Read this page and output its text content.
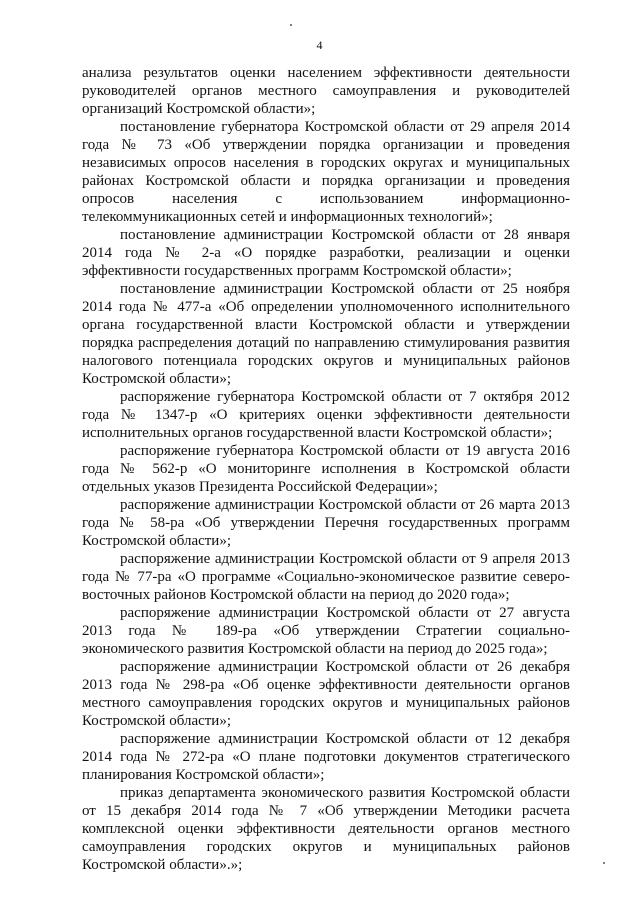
4

анализа результатов оценки населением эффективности деятельности руководителей органов местного самоуправления и руководителей организаций Костромской области»;

постановление губернатора Костромской области от 29 апреля 2014 года № 73 «Об утверждении порядка организации и проведения независимых опросов населения в городских округах и муниципальных районах Костромской области и порядка организации и проведения опросов населения с использованием информационно-телекоммуникационных сетей и информационных технологий»;

постановление администрации Костромской области от 28 января 2014 года № 2-а «О порядке разработки, реализации и оценки эффективности государственных программ Костромской области»;

постановление администрации Костромской области от 25 ноября 2014 года № 477-а «Об определении уполномоченного исполнительного органа государственной власти Костромской области и утверждении порядка распределения дотаций по направлению стимулирования развития налогового потенциала городских округов и муниципальных районов Костромской области»;

распоряжение губернатора Костромской области от 7 октября 2012 года № 1347-р «О критериях оценки эффективности деятельности исполнительных органов государственной власти Костромской области»;

распоряжение губернатора Костромской области от 19 августа 2016 года № 562-р «О мониторинге исполнения в Костромской области отдельных указов Президента Российской Федерации»;

распоряжение администрации Костромской области от 26 марта 2013 года № 58-ра «Об утверждении Перечня государственных программ Костромской области»;

распоряжение администрации Костромской области от 9 апреля 2013 года № 77-ра «О программе «Социально-экономическое развитие северо-восточных районов Костромской области на период до 2020 года»;

распоряжение администрации Костромской области от 27 августа 2013 года № 189-ра «Об утверждении Стратегии социально-экономического развития Костромской области на период до 2025 года»;

распоряжение администрации Костромской области от 26 декабря 2013 года № 298-ра «Об оценке эффективности деятельности органов местного самоуправления городских округов и муниципальных районов Костромской области»;

распоряжение администрации Костромской области от 12 декабря 2014 года № 272-ра «О плане подготовки документов стратегического планирования Костромской области»;

приказ департамента экономического развития Костромской области от 15 декабря 2014 года № 7 «Об утверждении Методики расчета комплексной оценки эффективности деятельности органов местного самоуправления городских округов и муниципальных районов Костромской области».»;
